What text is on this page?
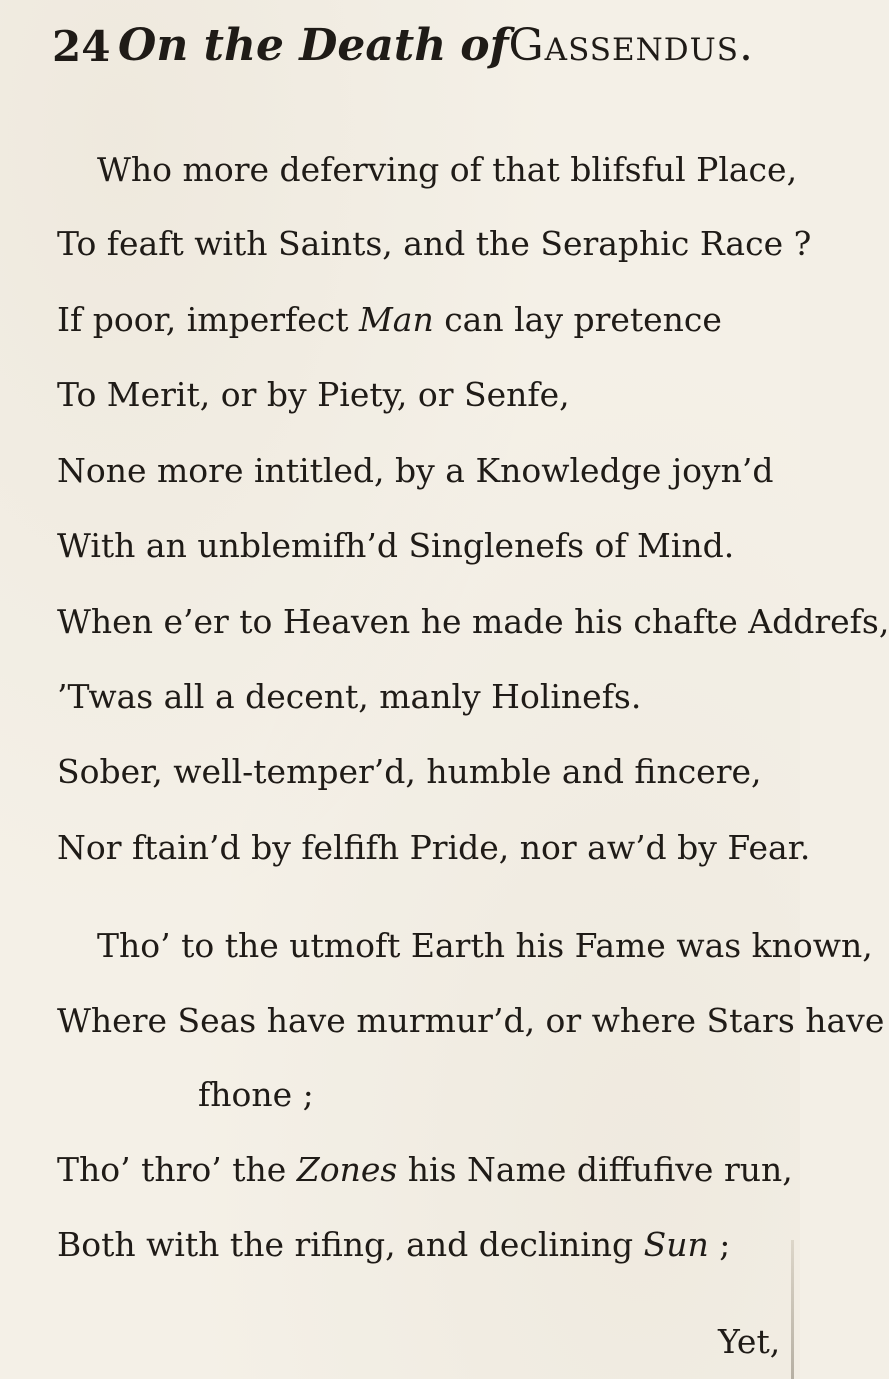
24 On the Death ofGassendus.
Who more deferving of that blifsful Place,
To feaft with Saints, and the Seraphic Race ?
If poor, imperfect Man can lay pretence
To Merit, or by Piety, or Senfe,
None more intitled, by a Knowledge joyn’d
With an unblemifh’d Singlenefs of Mind.
When e’er to Heaven he made his chafte Addrefs,
’Twas all a decent, manly Holinefs.
Sober, well-temper’d, humble and fincere,
Nor ftain’d by felfifh Pride, nor aw’d by Fear.
Tho’ to the utmoft Earth his Fame was known,
Where Seas have murmur’d, or where Stars have
fhone ;
Tho’ thro’ the Zones his Name diffufive run,
Both with the rifing, and declining Sun ;
Yet,
